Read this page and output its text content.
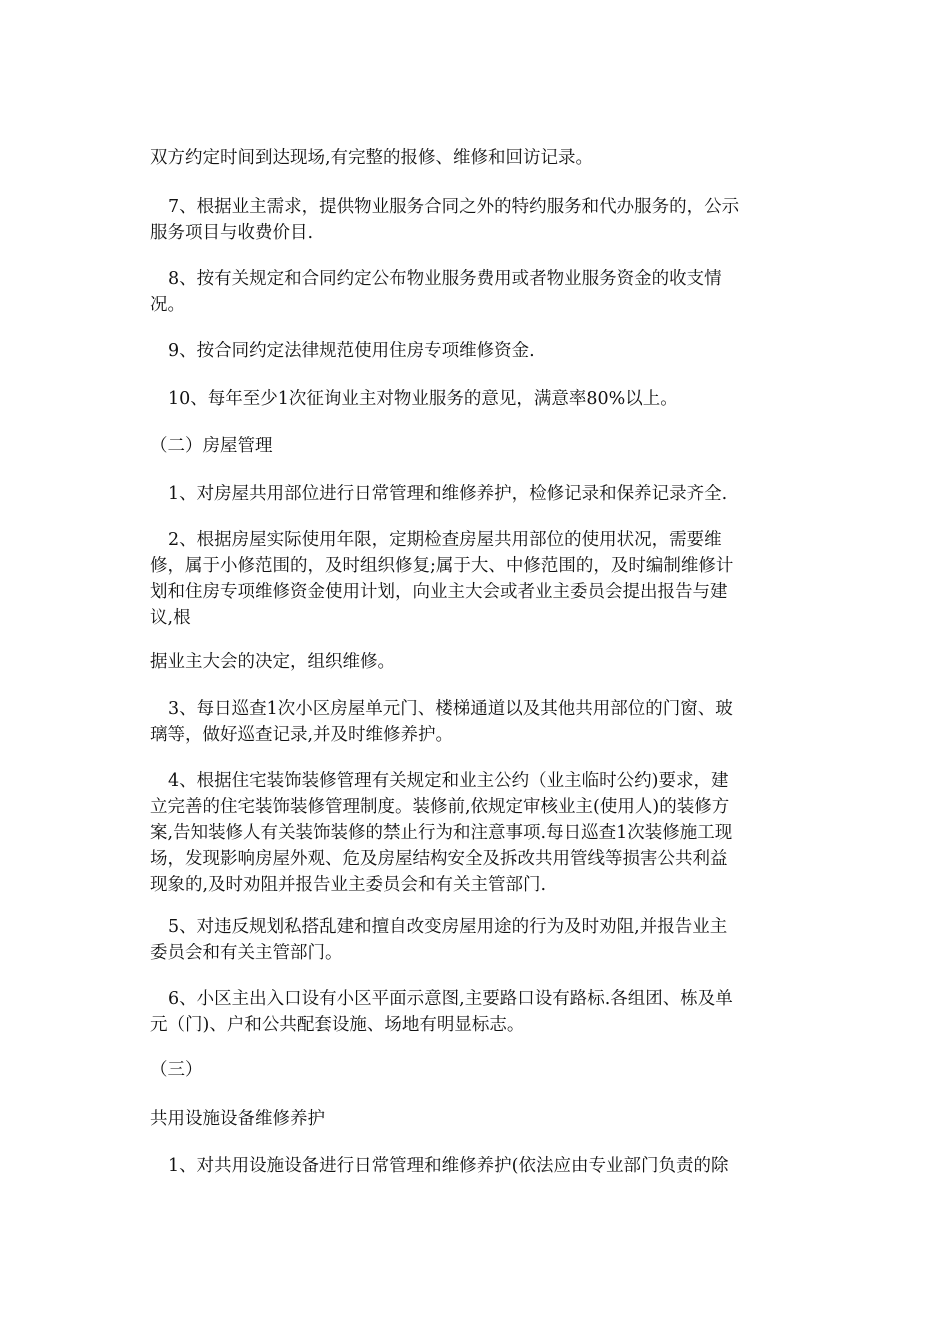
双方约定时间到达现场,有完整的报修、维修和回访记录。
7、根据业主需求，提供物业服务合同之外的特约服务和代办服务的，公示
服务项目与收费价目.
8、按有关规定和合同约定公布物业服务费用或者物业服务资金的收支情
况。
9、按合同约定法律规范使用住房专项维修资金.
10、每年至少1次征询业主对物业服务的意见，满意率80%以上。
（二）房屋管理
1、对房屋共用部位进行日常管理和维修养护，检修记录和保养记录齐全.
2、根据房屋实际使用年限，定期检查房屋共用部位的使用状况，需要维
修，属于小修范围的，及时组织修复;属于大、中修范围的，及时编制维修计
划和住房专项维修资金使用计划，向业主大会或者业主委员会提出报告与建
议,根
据业主大会的决定，组织维修。
3、每日巡查1次小区房屋单元门、楼梯通道以及其他共用部位的门窗、玻
璃等，做好巡查记录,并及时维修养护。
4、根据住宅装饰装修管理有关规定和业主公约（业主临时公约)要求，建
立完善的住宅装饰装修管理制度。装修前,依规定审核业主(使用人)的装修方
案,告知装修人有关装饰装修的禁止行为和注意事项.每日巡查1次装修施工现
场，发现影响房屋外观、危及房屋结构安全及拆改共用管线等损害公共利益
现象的,及时劝阻并报告业主委员会和有关主管部门.
5、对违反规划私搭乱建和擅自改变房屋用途的行为及时劝阻,并报告业主
委员会和有关主管部门。
6、小区主出入口设有小区平面示意图,主要路口设有路标.各组团、栋及单
元（门)、户和公共配套设施、场地有明显标志。
（三）
共用设施设备维修养护
1、对共用设施设备进行日常管理和维修养护(依法应由专业部门负责的除
